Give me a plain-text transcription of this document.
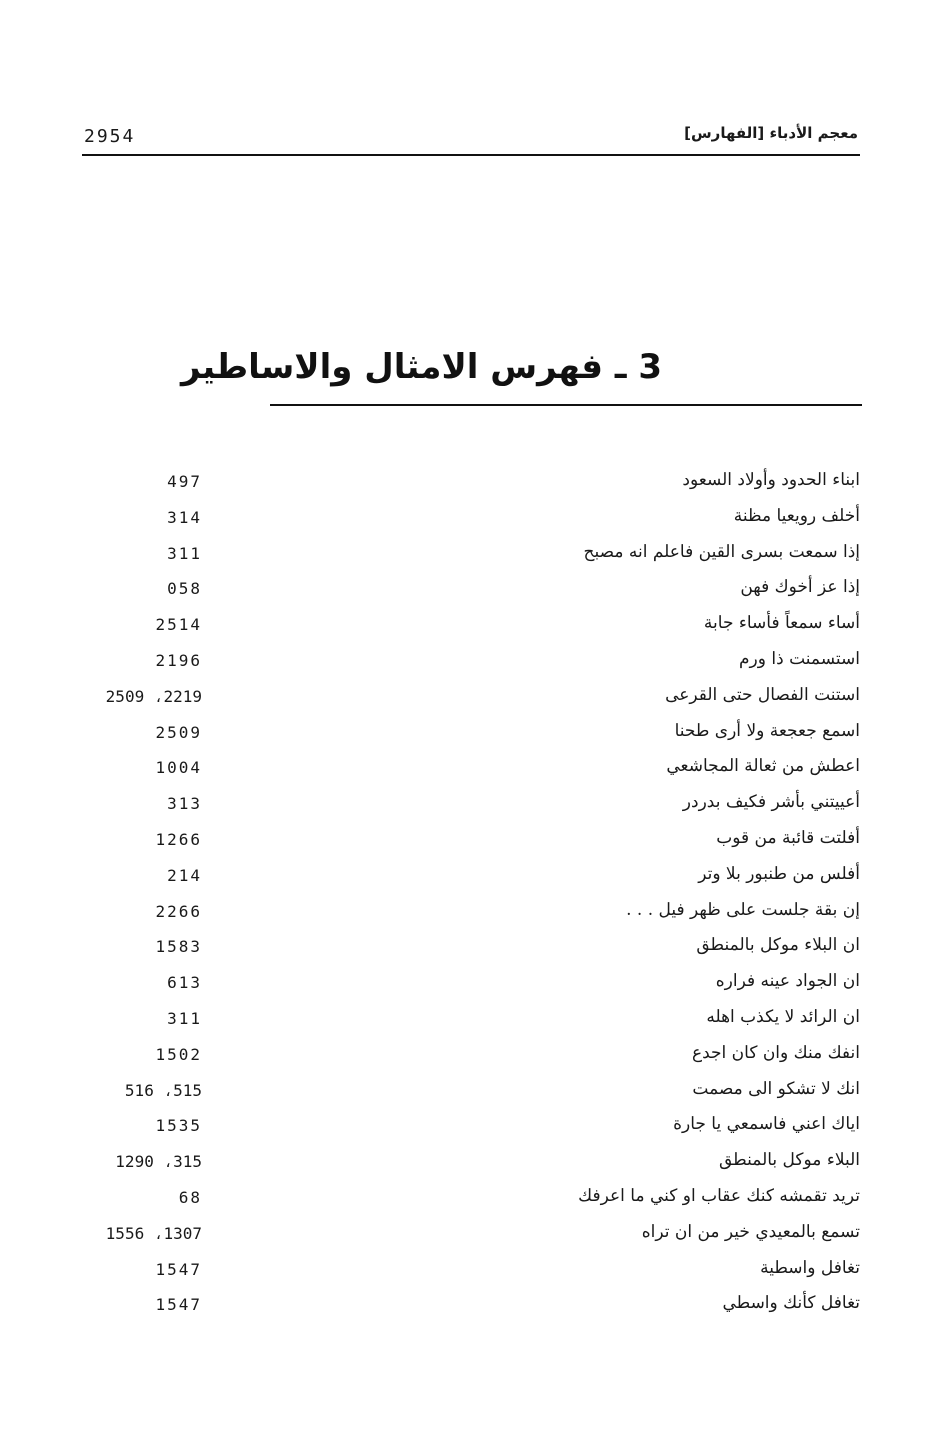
2954	معجم الأدباء [الفهارس]
3 ـ فهرس الامثال والاساطير
ابناء الحدود وأولاد السعود
497
أخلف رويعيا مظنة
314
إذا سمعت بسرى القين فاعلم انه مصبح
311
إذا عز أخوك فهن
058
أساء سمعاً فأساء جابة
2514
استسمنت ذا ورم
2196
استنت الفصال حتى القرعى
2219، 2509
اسمع جعجعة ولا أرى طحنا
2509
اعطش من ثعالة المجاشعي
1004
أعييتني بأشر فكيف بدردر
313
أفلتت قائبة من قوب
1266
أفلس من طنبور بلا وتر
214
إن بقة جلست على ظهر فيل . . .
2266
ان البلاء موكل بالمنطق
1583
ان الجواد عينه فراره
613
ان الرائد لا يكذب اهله
311
انفك منك وان كان اجدع
1502
انك لا تشكو الى مصمت
515، 516
اياك اعني فاسمعي يا جارة
1535
البلاء موكل بالمنطق
315، 1290
تريد تقمشه كنك عقاب او كني ما اعرفك
68
تسمع بالمعيدي خير من ان تراه
1307، 1556
تغافل واسطية
1547
تغافل كأنك واسطي
1547
